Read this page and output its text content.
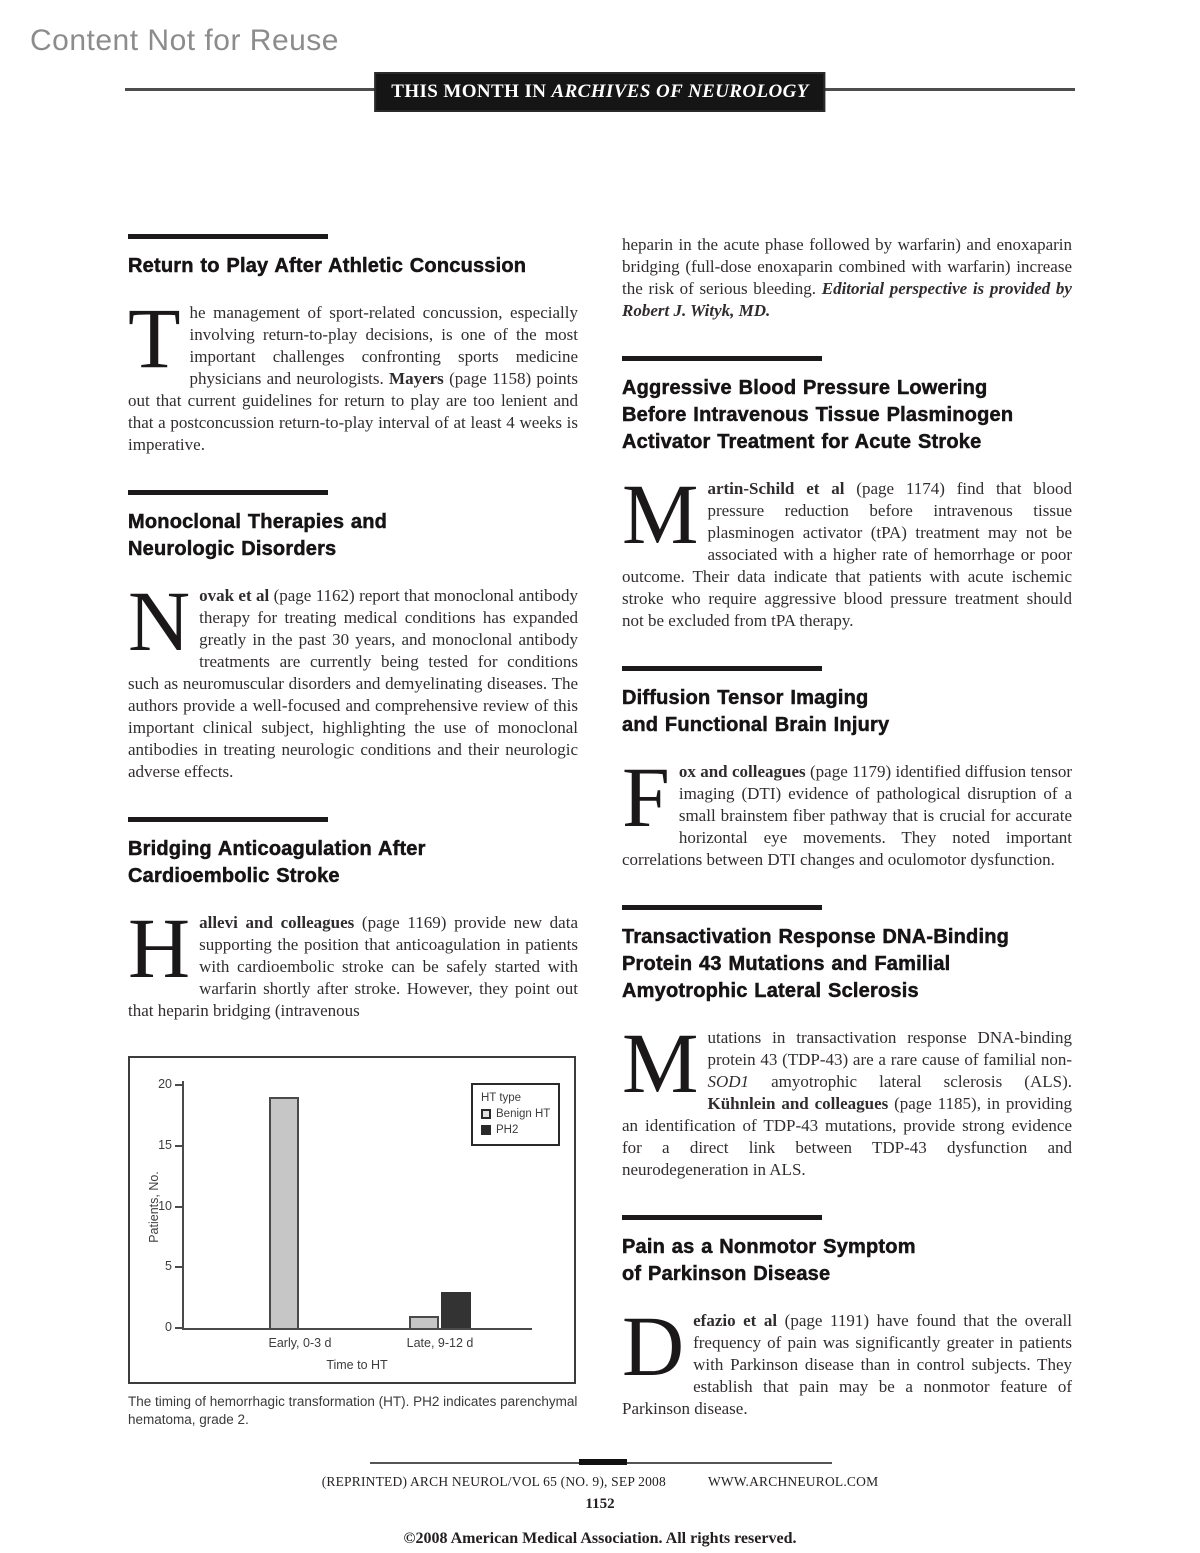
Content Not for Reuse
THIS MONTH IN ARCHIVES OF NEUROLOGY
Return to Play After Athletic Concussion

The management of sport-related concussion, especially involving return-to-play decisions, is one of the most important challenges confronting sports medicine physicians and neurologists. Mayers (page 1158) points out that current guidelines for return to play are too lenient and that a postconcussion return-to-play interval of at least 4 weeks is imperative.

Monoclonal Therapies and
Neurologic Disorders

Novak et al (page 1162) report that monoclonal antibody therapy for treating medical conditions has expanded greatly in the past 30 years, and monoclonal antibody treatments are currently being tested for conditions such as neuromuscular disorders and demyelinating diseases. The authors provide a well-focused and comprehensive review of this important clinical subject, highlighting the use of monoclonal antibodies in treating neurologic conditions and their neurologic adverse effects.

Bridging Anticoagulation After
Cardioembolic Stroke

Hallevi and colleagues (page 1169) provide new data supporting the position that anticoagulation in patients with cardioembolic stroke can be safely started with warfarin shortly after stroke. However, they point out that heparin bridging (intravenous

0
5
10
15
20
Patients, No.
Early, 0-3 d	Late, 9-12 d
Time to HT
HT type
Benign HT
PH2
The timing of hemorrhagic transformation (HT). PH2 indicates parenchymal hematoma, grade 2.

heparin in the acute phase followed by warfarin) and enoxaparin bridging (full-dose enoxaparin combined with warfarin) increase the risk of serious bleeding. Editorial perspective is provided by Robert J. Wityk, MD.

Aggressive Blood Pressure Lowering
Before Intravenous Tissue Plasminogen
Activator Treatment for Acute Stroke

Martin-Schild et al (page 1174) find that blood pressure reduction before intravenous tissue plasminogen activator (tPA) treatment may not be associated with a higher rate of hemorrhage or poor outcome. Their data indicate that patients with acute ischemic stroke who require aggressive blood pressure treatment should not be excluded from tPA therapy.

Diffusion Tensor Imaging
and Functional Brain Injury

Fox and colleagues (page 1179) identified diffusion tensor imaging (DTI) evidence of pathological disruption of a small brainstem fiber pathway that is crucial for accurate horizontal eye movements. They noted important correlations between DTI changes and oculomotor dysfunction.

Transactivation Response DNA-Binding
Protein 43 Mutations and Familial
Amyotrophic Lateral Sclerosis

Mutations in transactivation response DNA-binding protein 43 (TDP-43) are a rare cause of familial non-SOD1 amyotrophic lateral sclerosis (ALS). Kühnlein and colleagues (page 1185), in providing an identification of TDP-43 mutations, provide strong evidence for a direct link between TDP-43 dysfunction and neurodegeneration in ALS.

Pain as a Nonmotor Symptom
of Parkinson Disease

Defazio et al (page 1191) have found that the overall frequency of pain was significantly greater in patients with Parkinson disease than in control subjects. They establish that pain may be a nonmotor feature of Parkinson disease.

(REPRINTED) ARCH NEUROL/VOL 65 (NO. 9), SEP 2008	WWW.ARCHNEUROL.COM
1152
©2008 American Medical Association. All rights reserved.
